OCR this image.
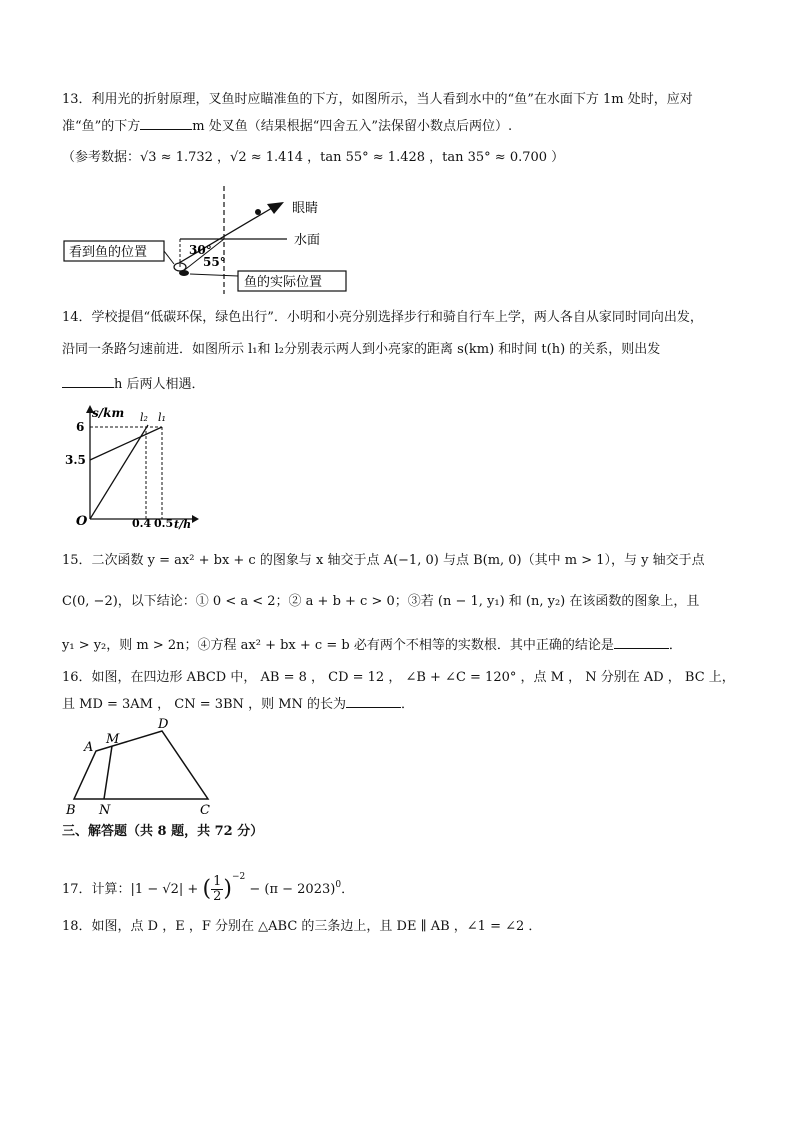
13．利用光的折射原理，叉鱼时应瞄准鱼的下方，如图所示，当人看到水中的“鱼”在水面下方 1m 处时，应对
准“鱼”的下方	m 处叉鱼（结果根据“四舍五入”法保留小数点后两位）.
（参考数据：√3 ≈ 1.732 ，√2 ≈ 1.414 ，tan 55° ≈ 1.428 ，tan 35° ≈ 0.700 ）
眼睛
水面
30°
55°
看到鱼的位置
鱼的实际位置
14．学校提倡“低碳环保，绿色出行”．小明和小亮分别选择步行和骑自行车上学，两人各自从家同时同向出发，
沿同一条路匀速前进．如图所示 l₁和 l₂分别表示两人到小亮家的距离 s(km) 和时间 t(h) 的关系，则出发
h 后两人相遇．
s/km
6
3.5
O	0.4 0.5 t/h
l₂ l₁
15．二次函数 y = ax² + bx + c 的图象与 x 轴交于点 A(−1, 0) 与点 B(m, 0)（其中 m > 1），与 y 轴交于点
C(0, −2)，以下结论：① 0 < a < 2；② a + b + c > 0；③若 (n − 1, y₁) 和 (n, y₂) 在该函数的图象上，且
y₁ > y₂，则 m > 2n；④方程 ax² + bx + c = b 必有两个不相等的实数根．其中正确的结论是	．
16．如图，在四边形 ABCD 中， AB = 8 ， CD = 12 ， ∠B + ∠C = 120° ，点 M ， N 分别在 AD ， BC 上，
且 MD = 3AM ， CN = 3BN ，则 MN 的长为	．
A
M
D
B N	C
三、解答题（共 8 题，共 72 分）
17．计算：|1 − √2| + ( $\frac{1}{2} )^{-2} - (\pi - 2023)^0$．
18．如图，点 D ，E ，F 分别在 △ABC 的三条边上，且 DE ∥ AB ，∠1 = ∠2 ．
